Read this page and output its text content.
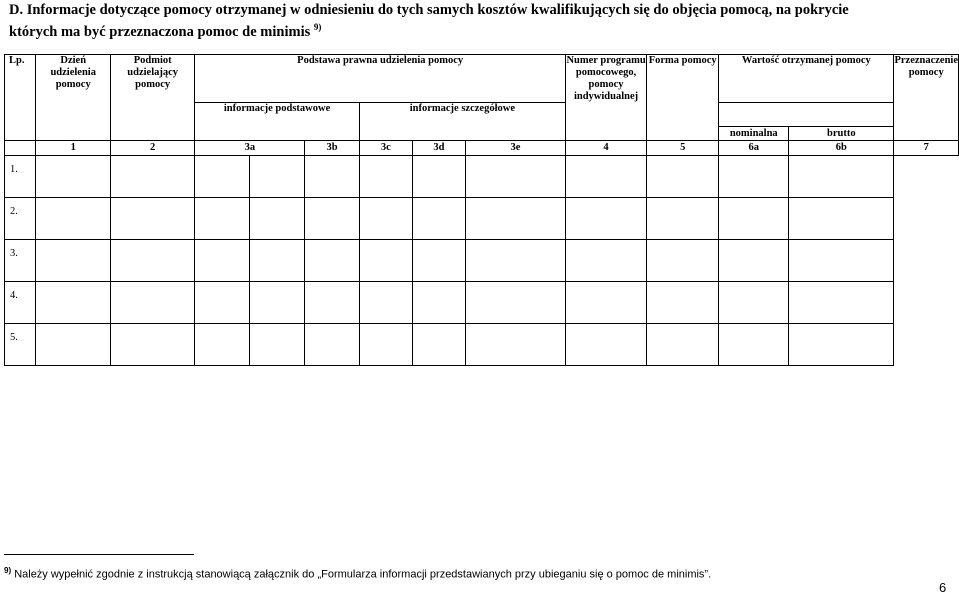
D. Informacje dotyczące pomocy otrzymanej w odniesieniu do tych samych kosztów kwalifikujących się do objęcia pomocą, na pokrycie
których ma być przeznaczona pomoc de minimis $^{9)}$
Lp.	Dzień udzielenia pomocy	Podmiot udzielający pomocy	Podstawa prawna udzielenia pomocy						Numer programu pomocowego, pomocy indywidualnej	Forma pomocy	Wartość otrzymanej pomocy		Przeznaczenie pomocy
			informacje podstawowe			informacje szczegółowe							
											nominalna	brutto	
	1	2	3a		3b	3c	3d	3e	4	5	6a	6b	7
1.													
2.													
3.													
4.													
5.													

$^{9)}$ Należy wypełnić zgodnie z instrukcją stanowiącą załącznik do „Formularza informacji przedstawianych przy ubieganiu się o pomoc de minimis”.

6
